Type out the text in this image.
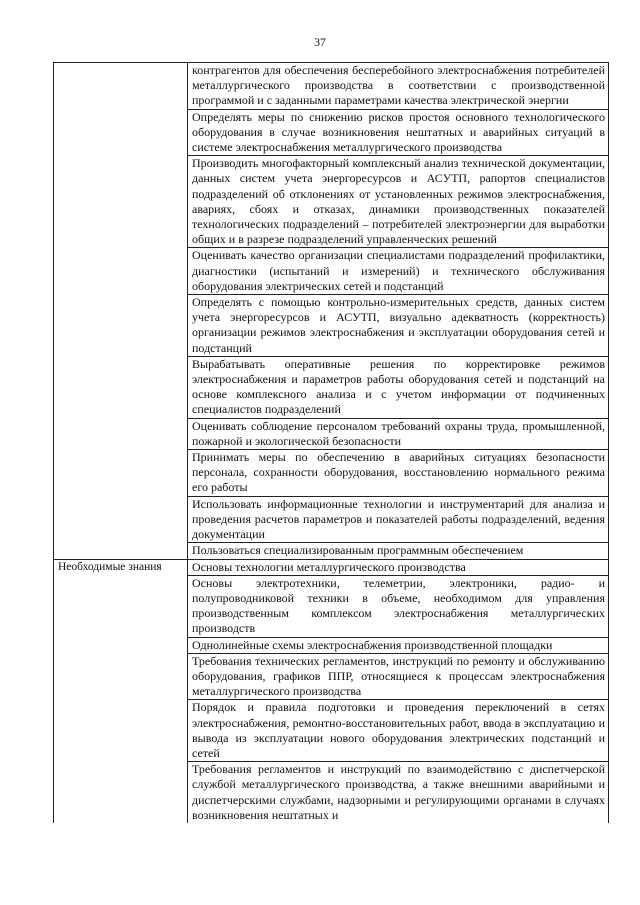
37
	контрагентов для обеспечения бесперебойного электроснабжения потребителей металлургического производства в соответствии с производственной программой и с заданными параметрами качества электрической энергии
	Определять меры по снижению рисков простоя основного технологического оборудования в случае возникновения нештатных и аварийных ситуаций в системе электроснабжения металлургического производства
	Производить многофакторный комплексный анализ технической документации, данных систем учета энергоресурсов и АСУТП, рапортов специалистов подразделений об отклонениях от установленных режимов электроснабжения, авариях, сбоях и отказах, динамики производственных показателей технологических подразделений – потребителей электроэнергии для выработки общих и в разрезе подразделений управленческих решений
	Оценивать качество организации специалистами подразделений профилактики, диагностики (испытаний и измерений) и технического обслуживания оборудования электрических сетей и подстанций
	Определять с помощью контрольно-измерительных средств, данных систем учета энергоресурсов и АСУТП, визуально адекватность (корректность) организации режимов электроснабжения и эксплуатации оборудования сетей и подстанций
	Вырабатывать оперативные решения по корректировке режимов электроснабжения и параметров работы оборудования сетей и подстанций на основе комплексного анализа и с учетом информации от подчиненных специалистов подразделений
	Оценивать соблюдение персоналом требований охраны труда, промышленной, пожарной и экологической безопасности
	Принимать меры по обеспечению в аварийных ситуациях безопасности персонала, сохранности оборудования, восстановлению нормального режима его работы
	Использовать информационные технологии и инструментарий для анализа и проведения расчетов параметров и показателей работы подразделений, ведения документации
	Пользоваться специализированным программным обеспечением
Необходимые знания	Основы технологии металлургического производства
	Основы электротехники, телеметрии, электроники, радио- и полупроводниковой техники в объеме, необходимом для управления производственным комплексом электроснабжения металлургических производств
	Однолинейные схемы электроснабжения производственной площадки
	Требования технических регламентов, инструкций по ремонту и обслуживанию оборудования, графиков ППР, относящиеся к процессам электроснабжения металлургического производства
	Порядок и правила подготовки и проведения переключений в сетях электроснабжения, ремонтно-восстановительных работ, ввода в эксплуатацию и вывода из эксплуатации нового оборудования электрических подстанций и сетей
	Требования регламентов и инструкций по взаимодействию с диспетчерской службой металлургического производства, а также внешними аварийными и диспетчерскими службами, надзорными и регулирующими органами в случаях возникновения нештатных и
